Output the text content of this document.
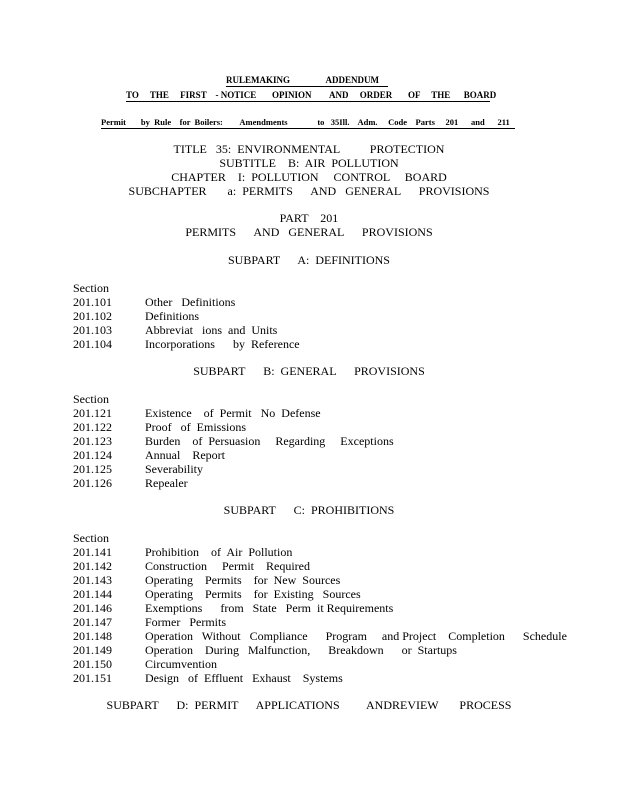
RULEMAKING                ADDENDUM
TO     THE     FIRST    - NOTICE       OPINION        AND     ORDER       OF     THE      BOARD
Permit       by  Rule    for  Boilers:        Amendments              to   35Ill.    Adm.     Code    Parts     201      and      211
TITLE   35:  ENVIRONMENTAL          PROTECTION
SUBTITLE    B:  AIR  POLLUTION
CHAPTER    I:  POLLUTION     CONTROL     BOARD
SUBCHAPTER       a:  PERMITS      AND   GENERAL      PROVISIONS
PART    201
PERMITS      AND   GENERAL      PROVISIONS
SUBPART      A:  DEFINITIONS
Section
201.101	Other   Definitions
201.102	Definitions
201.103	Abbreviat   ions  and  Units
201.104	Incorporations      by  Reference
SUBPART      B:  GENERAL      PROVISIONS
Section
201.121	Existence    of  Permit   No  Defense
201.122	Proof   of  Emissions
201.123	Burden    of  Persuasion     Regarding     Exceptions
201.124	Annual    Report
201.125	Severability
201.126	Repealer
SUBPART      C:  PROHIBITIONS
Section
201.141	Prohibition    of  Air  Pollution
201.142	Construction     Permit    Required
201.143	Operating    Permits    for  New  Sources
201.144	Operating    Permits    for  Existing   Sources
201.146	Exemptions      from   State   Perm  it Requirements
201.147	Former   Permits
201.148	Operation   Without   Compliance      Program     and Project    Completion      Schedule
201.149	Operation    During   Malfunction,      Breakdown      or  Startups
201.150	Circumvention
201.151	Design   of  Effluent   Exhaust    Systems
SUBPART      D:  PERMIT      APPLICATIONS         ANDREVIEW       PROCESS
